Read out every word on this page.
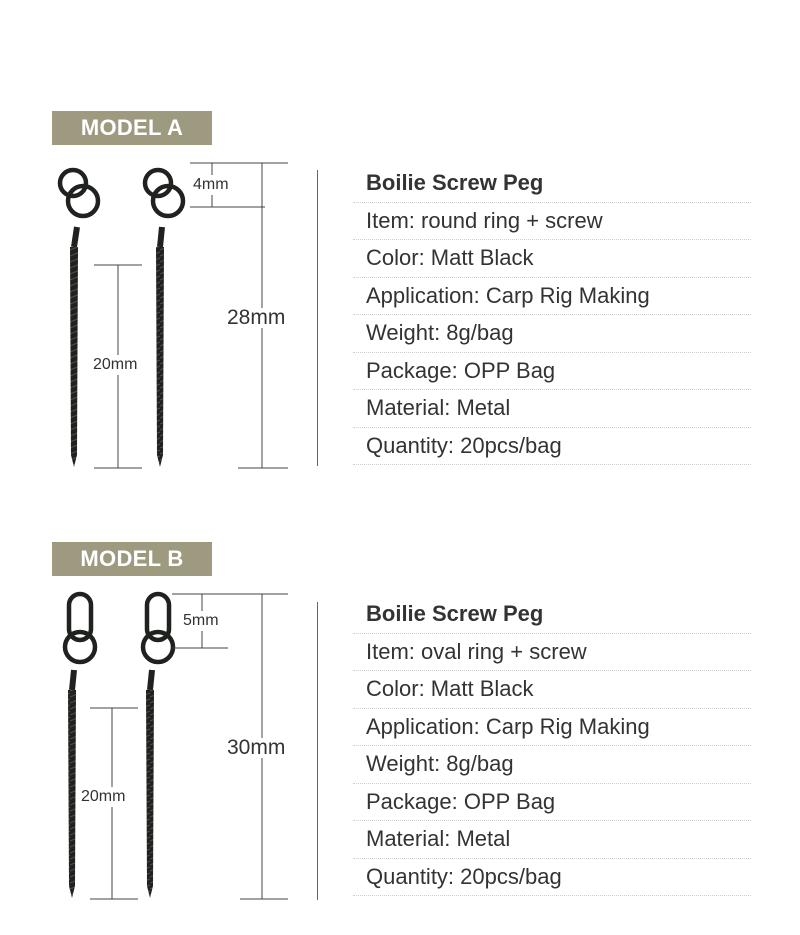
MODEL A
4mm
20mm
28mm
Boilie Screw Peg
Item: round ring + screw
Color: Matt Black
Application: Carp Rig Making
Weight: 8g/bag
Package: OPP Bag
Material: Metal
Quantity: 20pcs/bag
MODEL B
5mm
20mm
30mm
Boilie Screw Peg
Item: oval ring + screw
Color: Matt Black
Application: Carp Rig Making
Weight: 8g/bag
Package: OPP Bag
Material: Metal
Quantity: 20pcs/bag
